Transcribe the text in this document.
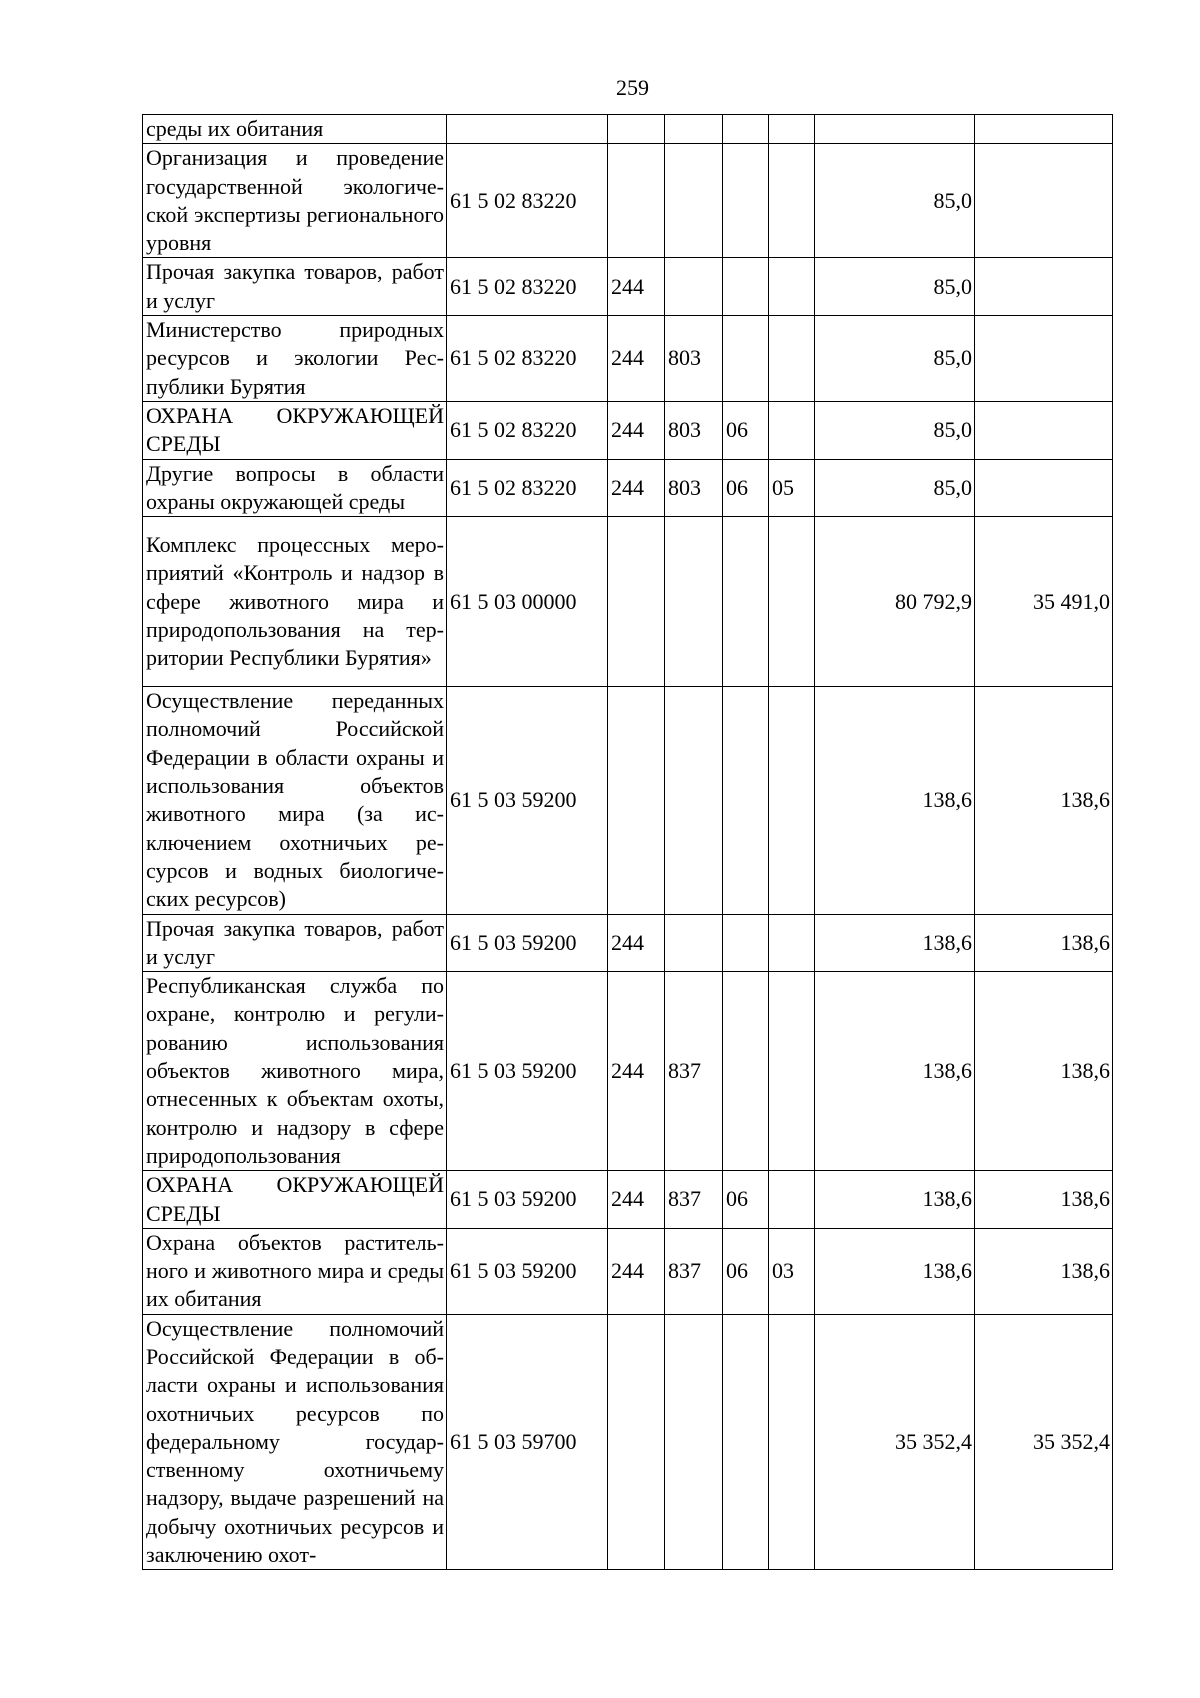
259
среды их обитания							
Организация и проведение государственной экологической экспертизы регионального уровня	61 5 02 83220					85,0	
Прочая закупка товаров, работ и услуг	61 5 02 83220	244				85,0	
Министерство природных ресурсов и экологии Республики Бурятия	61 5 02 83220	244	803			85,0	
ОХРАНА ОКРУЖАЮЩЕЙ СРЕДЫ	61 5 02 83220	244	803	06		85,0	
Другие вопросы в области охраны окружающей среды	61 5 02 83220	244	803	06	05	85,0	
Комплекс процессных мероприятий «Контроль и надзор в сфере животного мира и природопользования на территории Республики Бурятия»	61 5 03 00000					80 792,9	35 491,0
Осуществление переданных полномочий Российской Федерации в области охраны и использования объектов животного мира (за исключением охотничьих ресурсов и водных биологических ресурсов)	61 5 03 59200					138,6	138,6
Прочая закупка товаров, работ и услуг	61 5 03 59200	244				138,6	138,6
Республиканская служба по охране, контролю и регулированию использования объектов животного мира, отнесенных к объектам охоты, контролю и надзору в сфере природопользования	61 5 03 59200	244	837			138,6	138,6
ОХРАНА ОКРУЖАЮЩЕЙ СРЕДЫ	61 5 03 59200	244	837	06		138,6	138,6
Охрана объектов растительного и животного мира и среды их обитания	61 5 03 59200	244	837	06	03	138,6	138,6
Осуществление полномочий Российской Федерации в области охраны и использования охотничьих ресурсов по федеральному государственному охотничьему надзору, выдаче разрешений на добычу охотничьих ресурсов и заключению охот-	61 5 03 59700					35 352,4	35 352,4
